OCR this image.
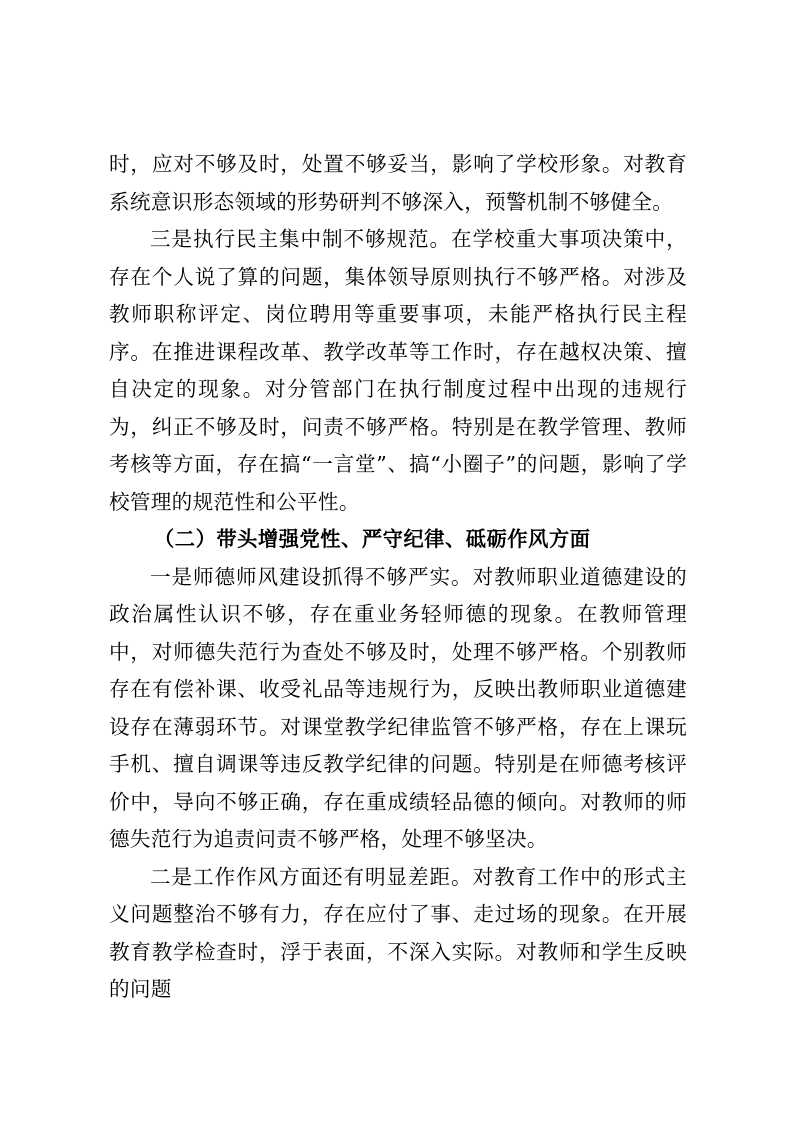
时，应对不够及时，处置不够妥当，影响了学校形象。对教育系统意识形态领域的形势研判不够深入，预警机制不够健全。

三是执行民主集中制不够规范。在学校重大事项决策中，存在个人说了算的问题，集体领导原则执行不够严格。对涉及教师职称评定、岗位聘用等重要事项，未能严格执行民主程序。在推进课程改革、教学改革等工作时，存在越权决策、擅自决定的现象。对分管部门在执行制度过程中出现的违规行为，纠正不够及时，问责不够严格。特别是在教学管理、教师考核等方面，存在搞“一言堂”、搞“小圈子”的问题，影响了学校管理的规范性和公平性。

（二）带头增强党性、严守纪律、砥砺作风方面

一是师德师风建设抓得不够严实。对教师职业道德建设的政治属性认识不够，存在重业务轻师德的现象。在教师管理中，对师德失范行为查处不够及时，处理不够严格。个别教师存在有偿补课、收受礼品等违规行为，反映出教师职业道德建设存在薄弱环节。对课堂教学纪律监管不够严格，存在上课玩手机、擅自调课等违反教学纪律的问题。特别是在师德考核评价中，导向不够正确，存在重成绩轻品德的倾向。对教师的师德失范行为追责问责不够严格，处理不够坚决。

二是工作作风方面还有明显差距。对教育工作中的形式主义问题整治不够有力，存在应付了事、走过场的现象。在开展教育教学检查时，浮于表面，不深入实际。对教师和学生反映的问题
